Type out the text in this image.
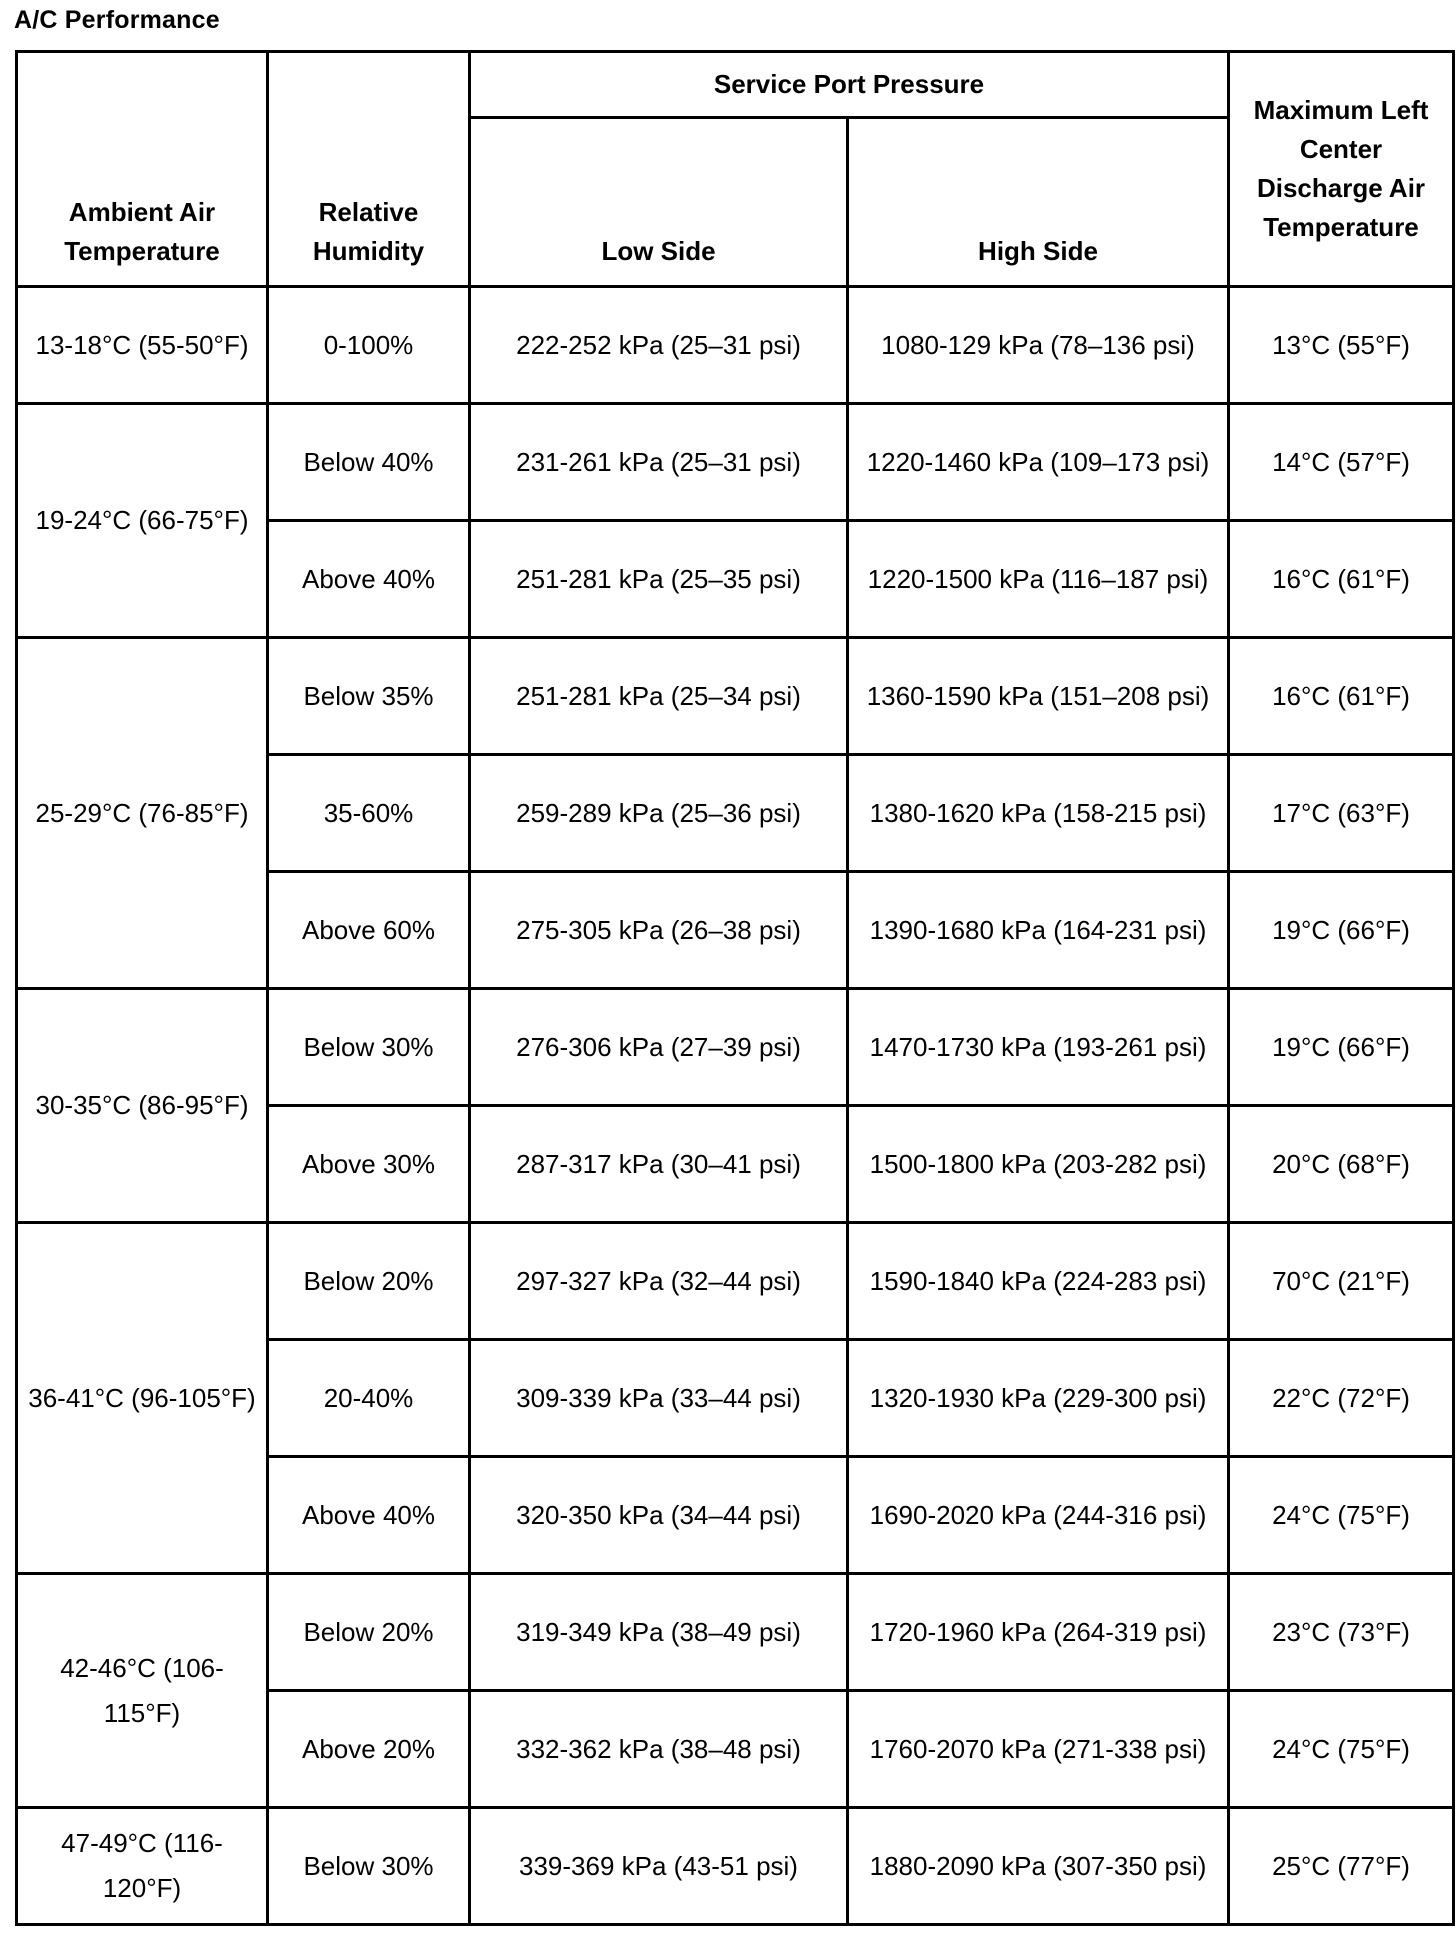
A/C Performance
Ambient Air Temperature	Relative Humidity	Service Port Pressure		Maximum Left Center Discharge Air Temperature
		Low Side	High Side	
13-18°C (55-50°F)	0-100%	222-252 kPa (25–31 psi)	1080-129 kPa (78–136 psi)	13°C (55°F)
19-24°C (66-75°F)	Below 40%	231-261 kPa (25–31 psi)	1220-1460 kPa (109–173 psi)	14°C (57°F)
	Above 40%	251-281 kPa (25–35 psi)	1220-1500 kPa (116–187 psi)	16°C (61°F)
25-29°C (76-85°F)	Below 35%	251-281 kPa (25–34 psi)	1360-1590 kPa (151–208 psi)	16°C (61°F)
	35-60%	259-289 kPa (25–36 psi)	1380-1620 kPa (158-215 psi)	17°C (63°F)
	Above 60%	275-305 kPa (26–38 psi)	1390-1680 kPa (164-231 psi)	19°C (66°F)
30-35°C (86-95°F)	Below 30%	276-306 kPa (27–39 psi)	1470-1730 kPa (193-261 psi)	19°C (66°F)
	Above 30%	287-317 kPa (30–41 psi)	1500-1800 kPa (203-282 psi)	20°C (68°F)
36-41°C (96-105°F)	Below 20%	297-327 kPa (32–44 psi)	1590-1840 kPa (224-283 psi)	70°C (21°F)
	20-40%	309-339 kPa (33–44 psi)	1320-1930 kPa (229-300 psi)	22°C (72°F)
	Above 40%	320-350 kPa (34–44 psi)	1690-2020 kPa (244-316 psi)	24°C (75°F)
42-46°C (106-115°F)	Below 20%	319-349 kPa (38–49 psi)	1720-1960 kPa (264-319 psi)	23°C (73°F)
	Above 20%	332-362 kPa (38–48 psi)	1760-2070 kPa (271-338 psi)	24°C (75°F)
47-49°C (116-120°F)	Below 30%	339-369 kPa (43-51 psi)	1880-2090 kPa (307-350 psi)	25°C (77°F)
